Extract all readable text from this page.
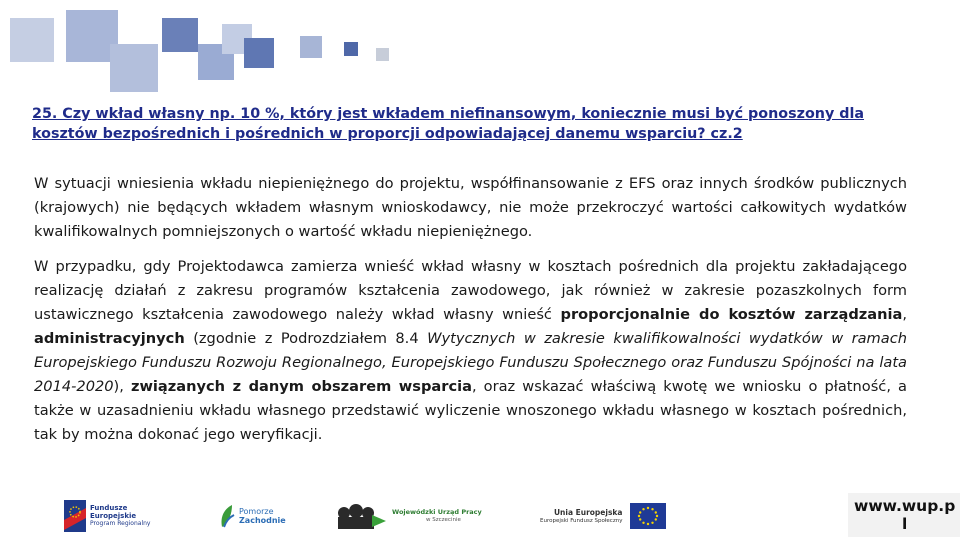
25. Czy wkład własny np. 10 %, który jest wkładem niefinansowym, koniecznie musi być ponoszony dla kosztów bezpośrednich i pośrednich w proporcji odpowiadającej danemu wsparciu? cz.2

W sytuacji wniesienia wkładu niepieniężnego do projektu, współfinansowanie z EFS oraz innych środków publicznych (krajowych) nie będących wkładem własnym wnioskodawcy, nie może przekroczyć wartości całkowitych wydatków kwalifikowalnych pomniejszonych o wartość wkładu niepieniężnego.

W przypadku, gdy Projektodawca zamierza wnieść wkład własny w kosztach pośrednich dla projektu zakładającego realizację działań z zakresu programów kształcenia zawodowego, jak również w zakresie pozaszkolnych form ustawicznego kształcenia zawodowego należy wkład własny wnieść proporcjonalnie do kosztów zarządzania, administracyjnych (zgodnie z Podrozdziałem 8.4 Wytycznych w zakresie kwalifikowalności wydatków w ramach Europejskiego Funduszu Rozwoju Regionalnego, Europejskiego Funduszu Społecznego oraz Funduszu Spójności na lata 2014-2020), związanych z danym obszarem wsparcia, oraz wskazać właściwą kwotę we wniosku o płatność, a także w uzasadnieniu wkładu własnego przedstawić wyliczenie wnoszonego wkładu własnego w kosztach pośrednich, tak by można dokonać jego weryfikacji.

Fundusze
Europejskie
Program Regionalny
Pomorze
Zachodnie
Wojewódzki Urząd Pracy
w Szczecinie
Unia Europejska
Europejski Fundusz Społeczny
www.wup.p
l
